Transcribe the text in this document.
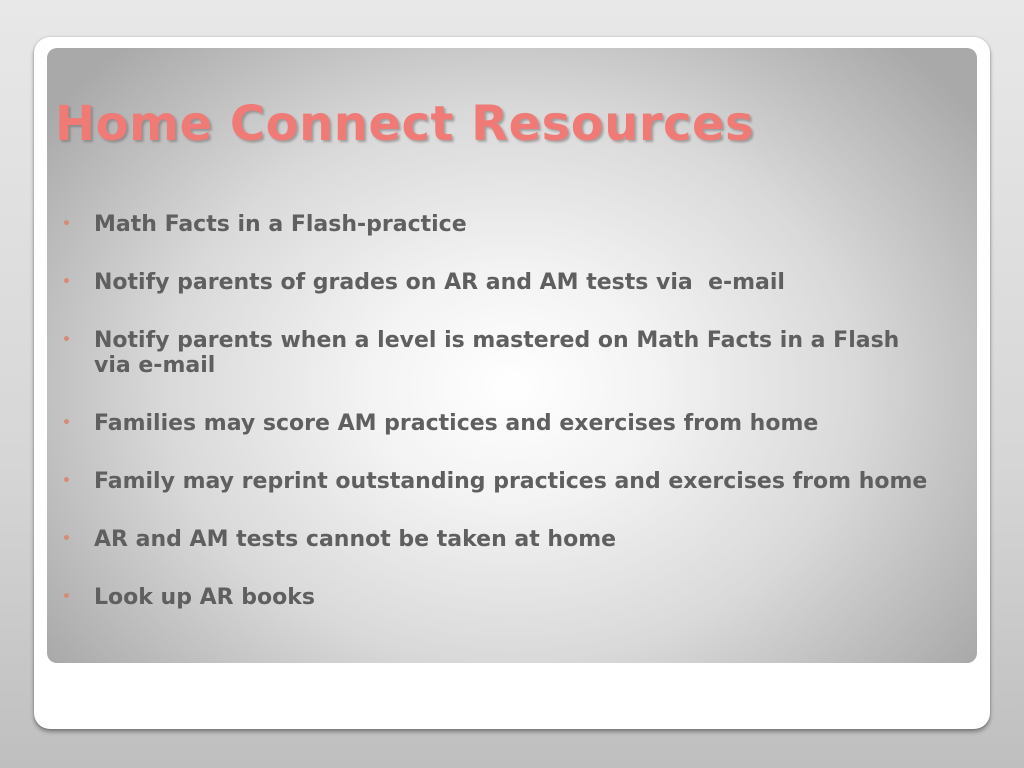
Home Connect Resources
• Math Facts in a Flash-practice
• Notify parents of grades on AR and AM tests via  e-mail
• Notify parents when a level is mastered on Math Facts in a Flash via e-mail
• Families may score AM practices and exercises from home
• Family may reprint outstanding practices and exercises from home
• AR and AM tests cannot be taken at home
• Look up AR books
